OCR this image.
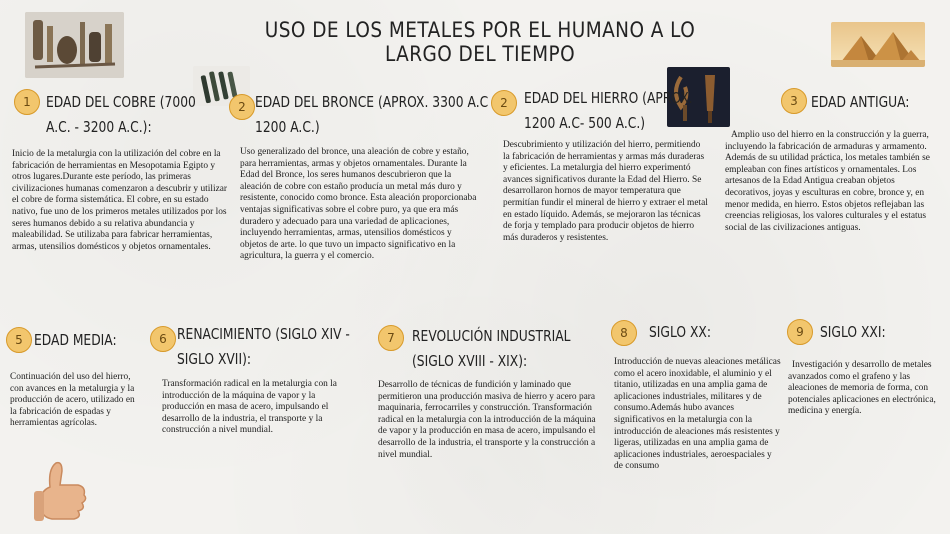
USO DE LOS METALES POR EL HUMANO A LO LARGO DEL TIEMPO
1	EDAD DEL COBRE (7000
A.C. - 3200 A.C.):
Inicio de la metalurgia con la utilización del cobre en la fabricación de herramientas en Mesopotamia Egipto y otros lugares.Durante este período, las primeras civilizaciones humanas comenzaron a descubrir y utilizar el cobre de forma sistemática. El cobre, en su estado nativo, fue uno de los primeros metales utilizados por los seres humanos debido a su relativa abundancia y maleabilidad. Se utilizaba para fabricar herramientas, armas, utensilios domésticos y objetos ornamentales.
2 EDAD DEL BRONCE (APROX. 3300 A.C
1200 A.C.)
Uso generalizado del bronce, una aleación de cobre y estaño, para herramientas, armas y objetos ornamentales. Durante la Edad del Bronce, los seres humanos descubrieron que la aleación de cobre con estaño producía un metal más duro y resistente, conocido como bronce. Esta aleación proporcionaba ventajas significativas sobre el cobre puro, ya que era más duradero y adecuado para una variedad de aplicaciones, incluyendo herramientas, armas, utensilios domésticos y objetos de arte. lo que tuvo un impacto significativo en la agricultura, la guerra y el comercio.
2	EDAD DEL HIERRO (APROX.
1200 A.C- 500 A.C.)
Descubrimiento y utilización del hierro, permitiendo la fabricación de herramientas y armas más duraderas y eficientes. La metalurgia del hierro experimentó avances significativos durante la Edad del Hierro. Se desarrollaron hornos de mayor temperatura que permitían fundir el mineral de hierro y extraer el metal en estado líquido. Además, se mejoraron las técnicas de forja y templado para producir objetos de hierro más duraderos y resistentes.
3 EDAD ANTIGUA:
Amplio uso del hierro en la construcción y la guerra, incluyendo la fabricación de armaduras y armamento. Además de su utilidad práctica, los metales también se empleaban con fines artísticos y ornamentales. Los artesanos de la Edad Antigua creaban objetos decorativos, joyas y esculturas en cobre, bronce y, en menor medida, en hierro. Estos objetos reflejaban las creencias religiosas, los valores culturales y el estatus social de las civilizaciones antiguas.
5 EDAD MEDIA:
Continuación del uso del hierro, con avances en la metalurgia y la producción de acero, utilizado en la fabricación de espadas y herramientas agrícolas.
6 RENACIMIENTO (SIGLO XIV -
SIGLO XVII):
Transformación radical en la metalurgia con la introducción de la máquina de vapor y la producción en masa de acero, impulsando el desarrollo de la industria, el transporte y la construcción a nivel mundial.
7	REVOLUCIÓN INDUSTRIAL
(SIGLO XVIII - XIX):
Desarrollo de técnicas de fundición y laminado que permitieron una producción masiva de hierro y acero para maquinaria, ferrocarriles y construcción. Transformación radical en la metalurgia con la introducción de la máquina de vapor y la producción en masa de acero, impulsando el desarrollo de la industria, el transporte y la construcción a nivel mundial.
8	SIGLO XX:
Introducción de nuevas aleaciones metálicas como el acero inoxidable, el aluminio y el titanio, utilizadas en una amplia gama de aplicaciones industriales, militares y de consumo.Además hubo avances significativos en la metalurgia con la introducción de aleaciones más resistentes y ligeras, utilizadas en una amplia gama de aplicaciones industriales, aeroespaciales y de consumo
9	SIGLO XXI:
Investigación y desarrollo de metales avanzados como el grafeno y las aleaciones de memoria de forma, con potenciales aplicaciones en electrónica, medicina y energía.
